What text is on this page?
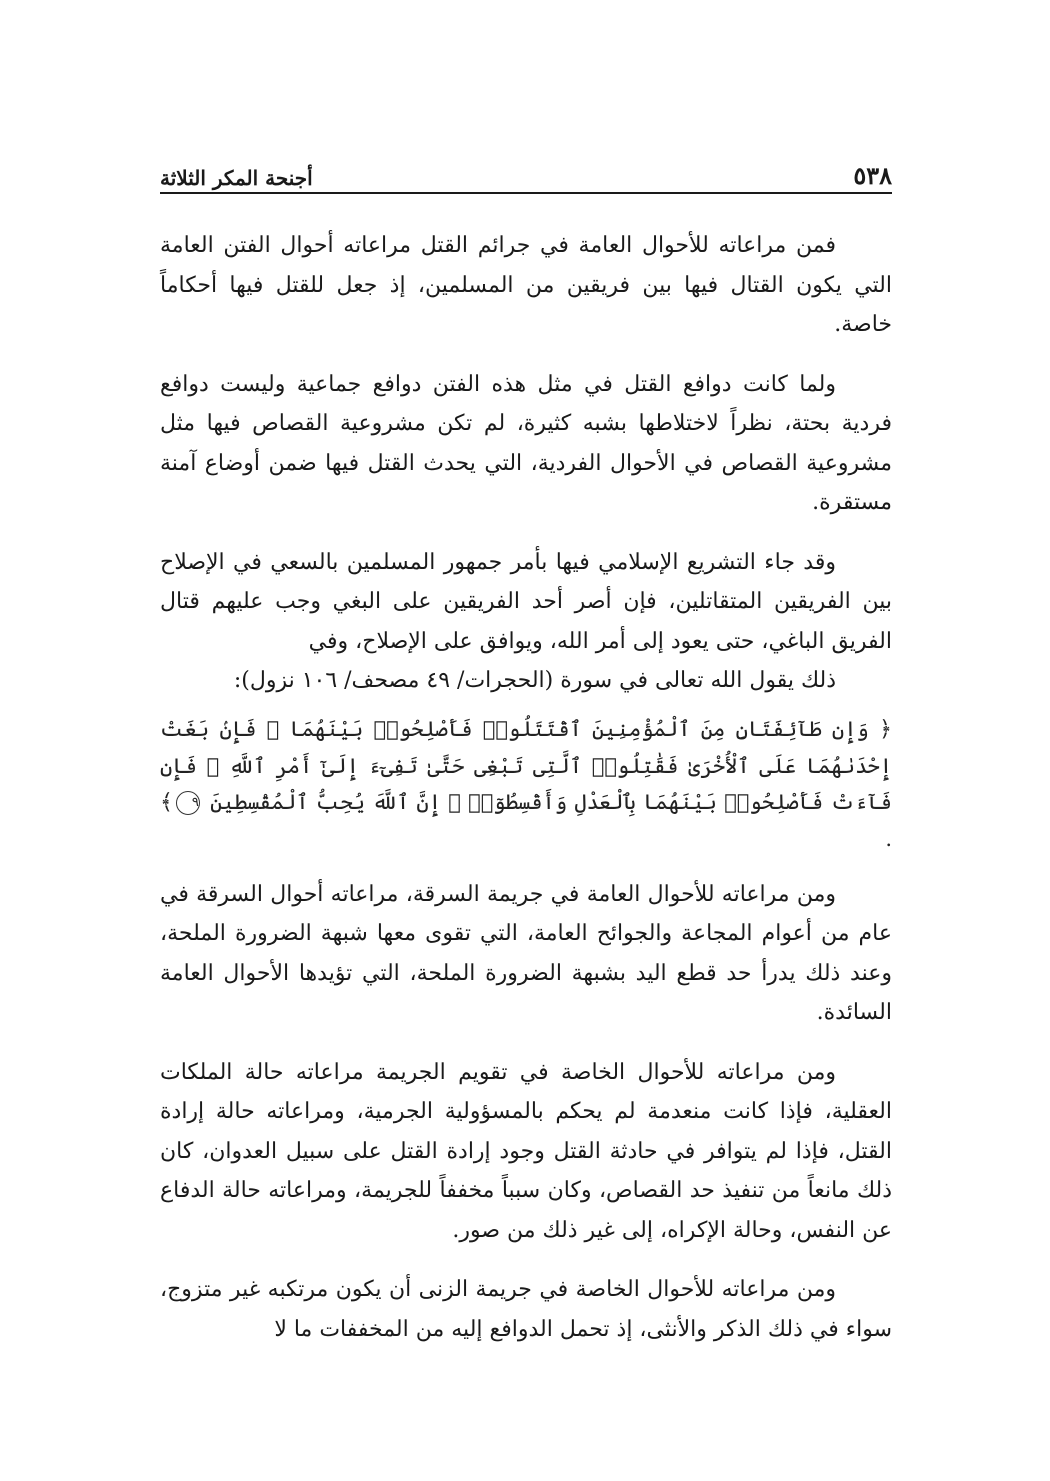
٥٣٨
أجنحة المكر الثلاثة

فمن مراعاته للأحوال العامة في جرائم القتل مراعاته أحوال الفتن العامة التي يكون القتال فيها بين فريقين من المسلمين، إذ جعل للقتل فيها أحكاماً خاصة.

ولما كانت دوافع القتل في مثل هذه الفتن دوافع جماعية وليست دوافع فردية بحتة، نظراً لاختلاطها بشبه كثيرة، لم تكن مشروعية القصاص فيها مثل مشروعية القصاص في الأحوال الفردية، التي يحدث القتل فيها ضمن أوضاع آمنة مستقرة.

وقد جاء التشريع الإسلامي فيها بأمر جمهور المسلمين بالسعي في الإصلاح بين الفريقين المتقاتلين، فإن أصر أحد الفريقين على البغي وجب عليهم قتال الفريق الباغي، حتى يعود إلى أمر الله، ويوافق على الإصلاح، وفي

ذلك يقول الله تعالى في سورة (الحجرات/ ٤٩ مصحف/ ١٠٦ نزول):

﴿ وَإِن طَآئِفَتَانِ مِنَ ٱلْمُؤْمِنِينَ ٱقْتَتَلُوا۟ فَأَصْلِحُوا۟ بَيْنَهُمَا ۖ فَإِنۢ بَغَتْ إِحْدَىٰهُمَا عَلَى ٱلْأُخْرَىٰ فَقَٰتِلُوا۟ ٱلَّتِى تَبْغِى حَتَّىٰ تَفِىٓءَ إِلَىٰٓ أَمْرِ ٱللَّهِ ۚ فَإِن فَآءَتْ فَأَصْلِحُوا۟ بَيْنَهُمَا بِٱلْعَدْلِ وَأَقْسِطُوٓا۟ ۖ إِنَّ ٱللَّهَ يُحِبُّ ٱلْمُقْسِطِينَ ٩﴾ .

ومن مراعاته للأحوال العامة في جريمة السرقة، مراعاته أحوال السرقة في عام من أعوام المجاعة والجوائح العامة، التي تقوى معها شبهة الضرورة الملحة، وعند ذلك يدرأ حد قطع اليد بشبهة الضرورة الملحة، التي تؤيدها الأحوال العامة السائدة.

ومن مراعاته للأحوال الخاصة في تقويم الجريمة مراعاته حالة الملكات العقلية، فإذا كانت منعدمة لم يحكم بالمسؤولية الجرمية، ومراعاته حالة إرادة القتل، فإذا لم يتوافر في حادثة القتل وجود إرادة القتل على سبيل العدوان، كان ذلك مانعاً من تنفيذ حد القصاص، وكان سبباً مخففاً للجريمة، ومراعاته حالة الدفاع عن النفس، وحالة الإكراه، إلى غير ذلك من صور.

ومن مراعاته للأحوال الخاصة في جريمة الزنى أن يكون مرتكبه غير متزوج، سواء في ذلك الذكر والأنثى، إذ تحمل الدوافع إليه من المخففات ما لا
